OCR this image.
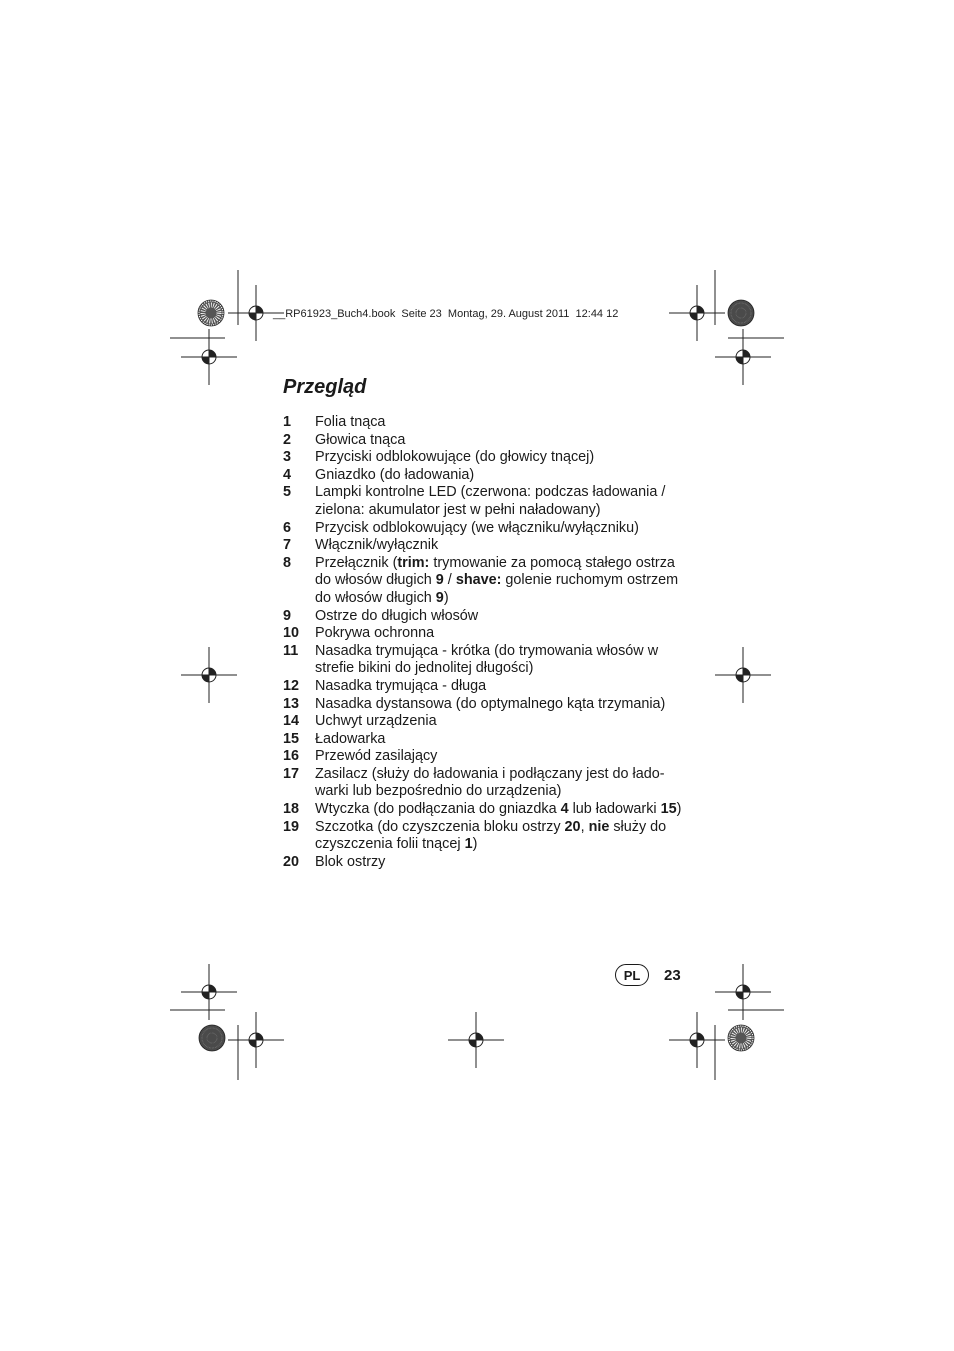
__RP61923_Buch4.book  Seite 23  Montag, 29. August 2011  12:44 12
Przegląd
1	Folia tnąca
2	Głowica tnąca
3	Przyciski odblokowujące (do głowicy tnącej)
4	Gniazdko (do ładowania)
5	Lampki kontrolne LED (czerwona: podczas ładowania /
zielona: akumulator jest w pełni naładowany)
6	Przycisk odblokowujący (we włączniku/wyłączniku)
7	Włącznik/wyłącznik
8	Przełącznik (trim: trymowanie za pomocą stałego ostrza
do włosów długich 9 / shave: golenie ruchomym ostrzem
do włosów długich 9)
9	Ostrze do długich włosów
10	Pokrywa ochronna
11	Nasadka trymująca - krótka (do trymowania włosów w
strefie bikini do jednolitej długości)
12	Nasadka trymująca - długa
13	Nasadka dystansowa (do optymalnego kąta trzymania)
14	Uchwyt urządzenia
15	Ładowarka
16	Przewód zasilający
17	Zasilacz (służy do ładowania i podłączany jest do łado-
warki lub bezpośrednio do urządzenia)
18	Wtyczka (do podłączania do gniazdka 4 lub ładowarki 15)
19	Szczotka (do czyszczenia bloku ostrzy 20, nie służy do
czyszczenia folii tnącej 1)
20	Blok ostrzy
PL	23
